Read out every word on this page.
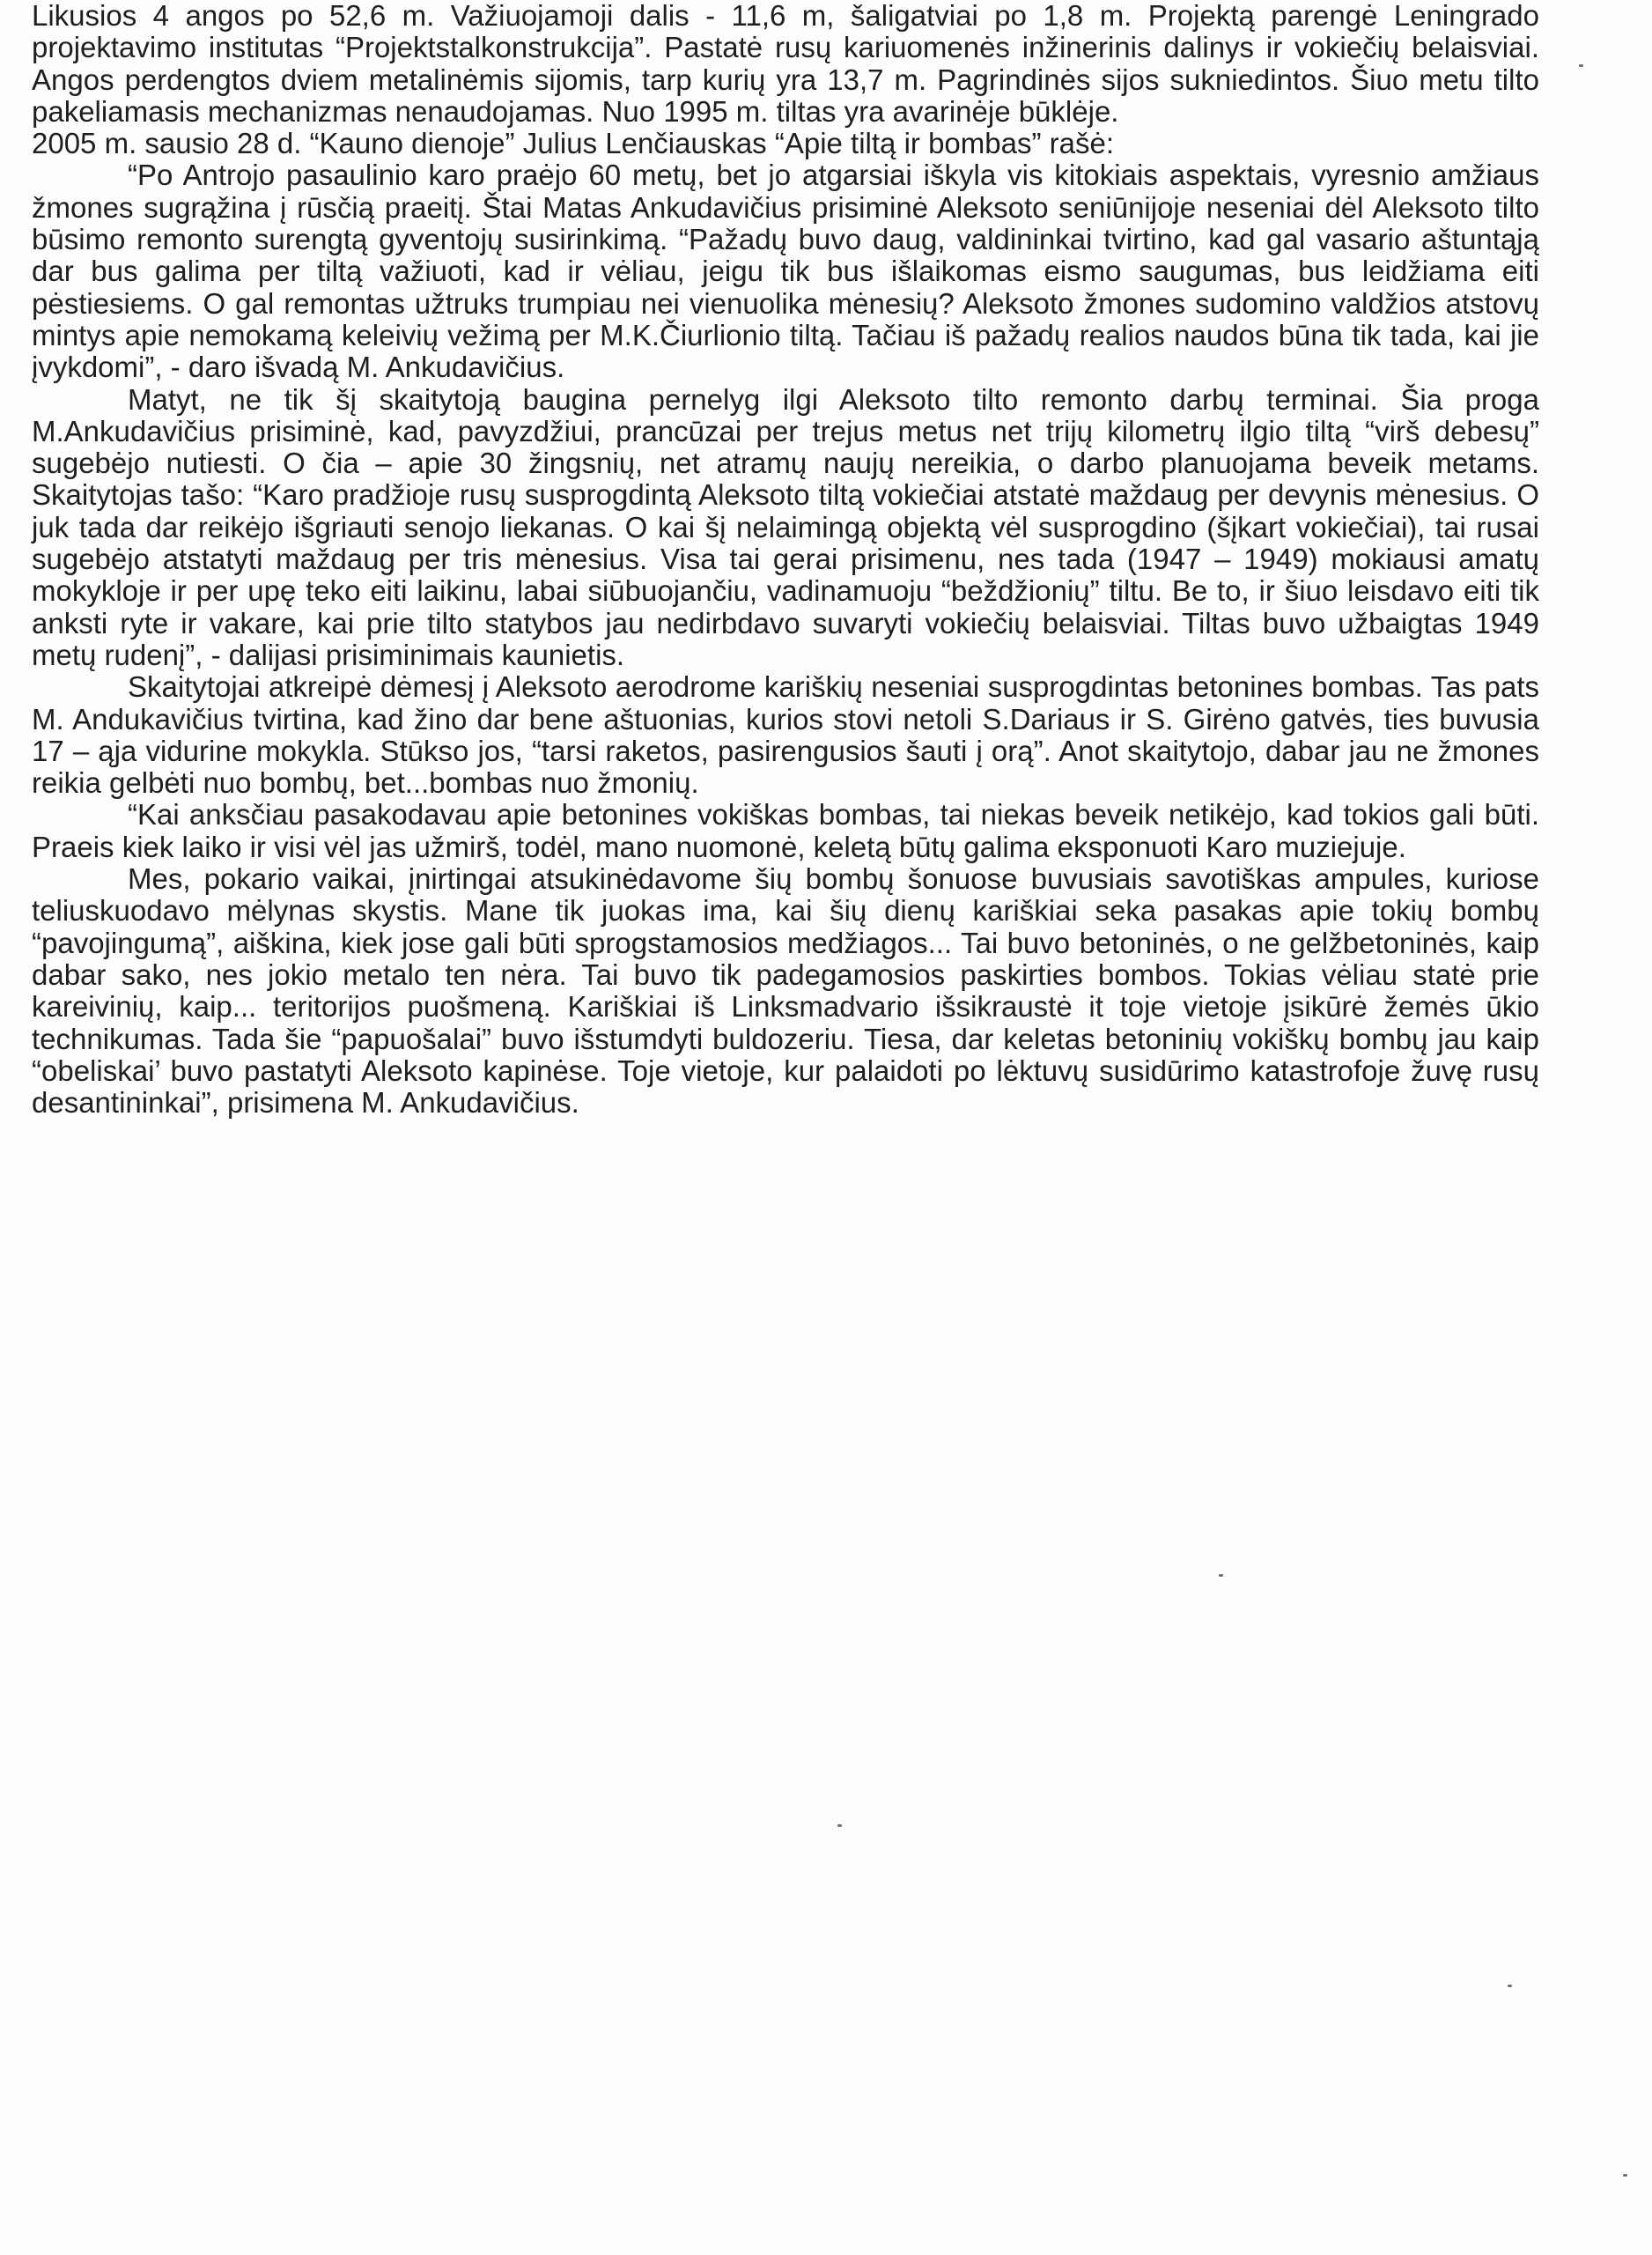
Likusios 4 angos po 52,6 m. Važiuojamoji dalis - 11,6 m, šaligatviai po 1,8 m. Projektą parengė Leningrado projektavimo institutas “Projektstalkonstrukcija”. Pastatė rusų kariuomenės inžinerinis dalinys ir vokiečių belaisviai. Angos perdengtos dviem metalinėmis sijomis, tarp kurių yra 13,7 m. Pagrindinės sijos sukniedintos. Šiuo metu tilto pakeliamasis mechanizmas nenaudojamas. Nuo 1995 m. tiltas yra avarinėje būklėje.

2005 m. sausio 28 d. “Kauno dienoje” Julius Lenčiauskas “Apie tiltą ir bombas” rašė:

“Po Antrojo pasaulinio karo praėjo 60 metų, bet jo atgarsiai iškyla vis kitokiais aspektais, vyresnio amžiaus žmones sugrąžina į rūsčią praeitį. Štai Matas Ankudavičius prisiminė Aleksoto seniūnijoje neseniai dėl Aleksoto tilto būsimo remonto surengtą gyventojų susirinkimą. “Pažadų buvo daug, valdininkai tvirtino, kad gal vasario aštuntąją dar bus galima per tiltą važiuoti, kad ir vėliau, jeigu tik bus išlaikomas eismo saugumas, bus leidžiama eiti pėstiesiems. O gal remontas užtruks trumpiau nei vienuolika mėnesių? Aleksoto žmones sudomino valdžios atstovų mintys apie nemokamą keleivių vežimą per M.K.Čiurlionio tiltą. Tačiau iš pažadų realios naudos būna tik tada, kai jie įvykdomi”, - daro išvadą M. Ankudavičius.

Matyt, ne tik šį skaitytoją baugina pernelyg ilgi Aleksoto tilto remonto darbų terminai. Šia proga M.Ankudavičius prisiminė, kad, pavyzdžiui, prancūzai per trejus metus net trijų kilometrų ilgio tiltą “virš debesų” sugebėjo nutiesti. O čia – apie 30 žingsnių, net atramų naujų nereikia, o darbo planuojama beveik metams. Skaitytojas tašo: “Karo pradžioje rusų susprogdintą Aleksoto tiltą vokiečiai atstatė maždaug per devynis mėnesius. O juk tada dar reikėjo išgriauti senojo liekanas. O kai šį nelaimingą objektą vėl susprogdino (šįkart vokiečiai), tai rusai sugebėjo atstatyti maždaug per tris mėnesius. Visa tai gerai prisimenu, nes tada (1947 – 1949) mokiausi amatų mokykloje ir per upę teko eiti laikinu, labai siūbuojančiu, vadinamuoju “beždžionių” tiltu. Be to, ir šiuo leisdavo eiti tik anksti ryte ir vakare, kai prie tilto statybos jau nedirbdavo suvaryti vokiečių belaisviai. Tiltas buvo užbaigtas 1949 metų rudenį”, - dalijasi prisiminimais kaunietis.

Skaitytojai atkreipė dėmesį į Aleksoto aerodrome kariškių neseniai susprogdintas betonines bombas. Tas pats M. Andukavičius tvirtina, kad žino dar bene aštuonias, kurios stovi netoli S.Dariaus ir S. Girėno gatvės, ties buvusia 17 – ąja vidurine mokykla. Stūkso jos, “tarsi raketos, pasirengusios šauti į orą”. Anot skaitytojo, dabar jau ne žmones reikia gelbėti nuo bombų, bet...bombas nuo žmonių.

“Kai anksčiau pasakodavau apie betonines vokiškas bombas, tai niekas beveik netikėjo, kad tokios gali būti. Praeis kiek laiko ir visi vėl jas užmirš, todėl, mano nuomonė, keletą būtų galima eksponuoti Karo muziejuje.

Mes, pokario vaikai, įnirtingai atsukinėdavome šių bombų šonuose buvusiais savotiškas ampules, kuriose teliuskuodavo mėlynas skystis. Mane tik juokas ima, kai šių dienų kariškiai seka pasakas apie tokių bombų “pavojingumą”, aiškina, kiek jose gali būti sprogstamosios medžiagos... Tai buvo betoninės, o ne gelžbetoninės, kaip dabar sako, nes jokio metalo ten nėra. Tai buvo tik padegamosios paskirties bombos. Tokias vėliau statė prie kareivinių, kaip... teritorijos puošmeną. Kariškiai iš Linksmadvario išsikraustė it toje vietoje įsikūrė žemės ūkio technikumas. Tada šie “papuošalai” buvo išstumdyti buldozeriu. Tiesa, dar keletas betoninių vokiškų bombų jau kaip “obeliskai’ buvo pastatyti Aleksoto kapinėse. Toje vietoje, kur palaidoti po lėktuvų susidūrimo katastrofoje žuvę rusų desantininkai”, prisimena M. Ankudavičius.
